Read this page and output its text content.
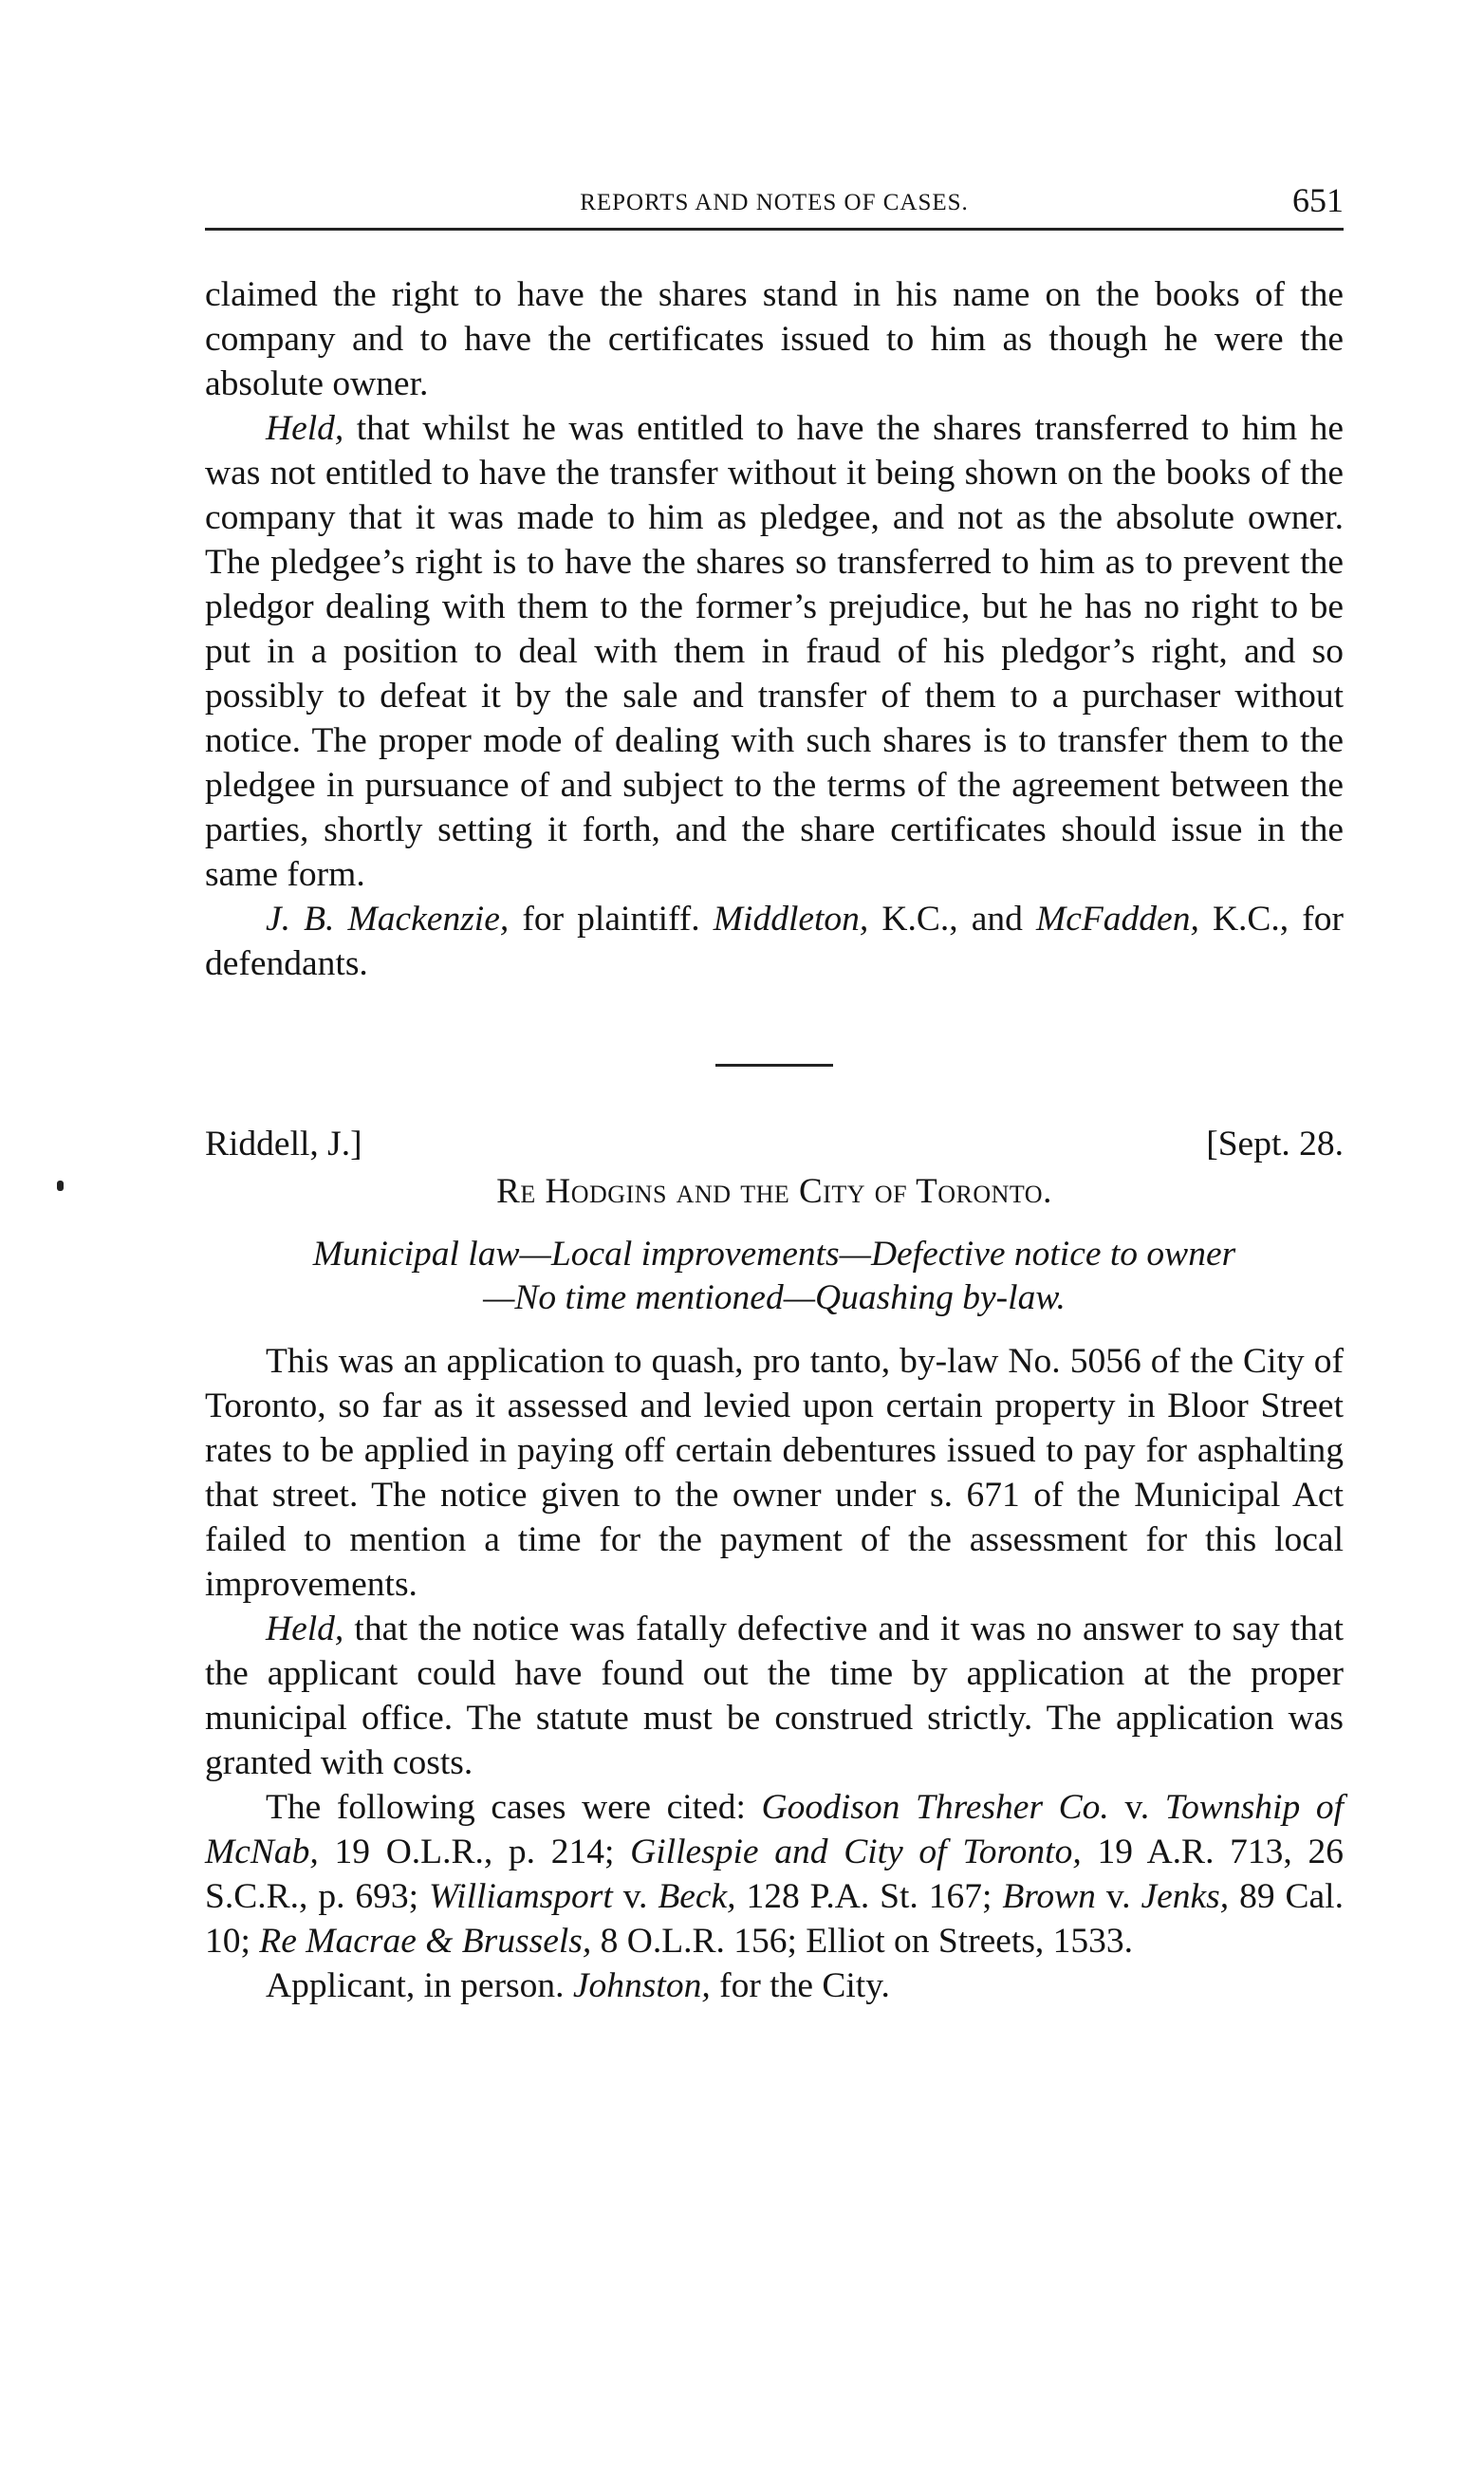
REPORTS AND NOTES OF CASES.	651

claimed the right to have the shares stand in his name on the books of the company and to have the certificates issued to him as though he were the absolute owner.

Held, that whilst he was entitled to have the shares transferred to him he was not entitled to have the transfer without it being shown on the books of the company that it was made to him as pledgee, and not as the absolute owner. The pledgee’s right is to have the shares so transferred to him as to prevent the pledgor dealing with them to the former’s prejudice, but he has no right to be put in a position to deal with them in fraud of his pledgor’s right, and so possibly to defeat it by the sale and transfer of them to a purchaser without notice. The proper mode of dealing with such shares is to transfer them to the pledgee in pursuance of and subject to the terms of the agreement between the parties, shortly setting it forth, and the share certificates should issue in the same form.

J. B. Mackenzie, for plaintiff. Middleton, K.C., and McFadden, K.C., for defendants.

Riddell, J.]	[Sept. 28.
Re Hodgins and the City of Toronto.
Municipal law—Local improvements—Defective notice to owner
—No time mentioned—Quashing by-law.

This was an application to quash, pro tanto, by-law No. 5056 of the City of Toronto, so far as it assessed and levied upon certain property in Bloor Street rates to be applied in paying off certain debentures issued to pay for asphalting that street. The notice given to the owner under s. 671 of the Municipal Act failed to mention a time for the payment of the assessment for this local improvements.

Held, that the notice was fatally defective and it was no answer to say that the applicant could have found out the time by application at the proper municipal office. The statute must be construed strictly. The application was granted with costs.

The following cases were cited: Goodison Thresher Co. v. Township of McNab, 19 O.L.R., p. 214; Gillespie and City of Toronto, 19 A.R. 713, 26 S.C.R., p. 693; Williamsport v. Beck, 128 P.A. St. 167; Brown v. Jenks, 89 Cal. 10; Re Macrae & Brussels, 8 O.L.R. 156; Elliot on Streets, 1533.

Applicant, in person. Johnston, for the City.
